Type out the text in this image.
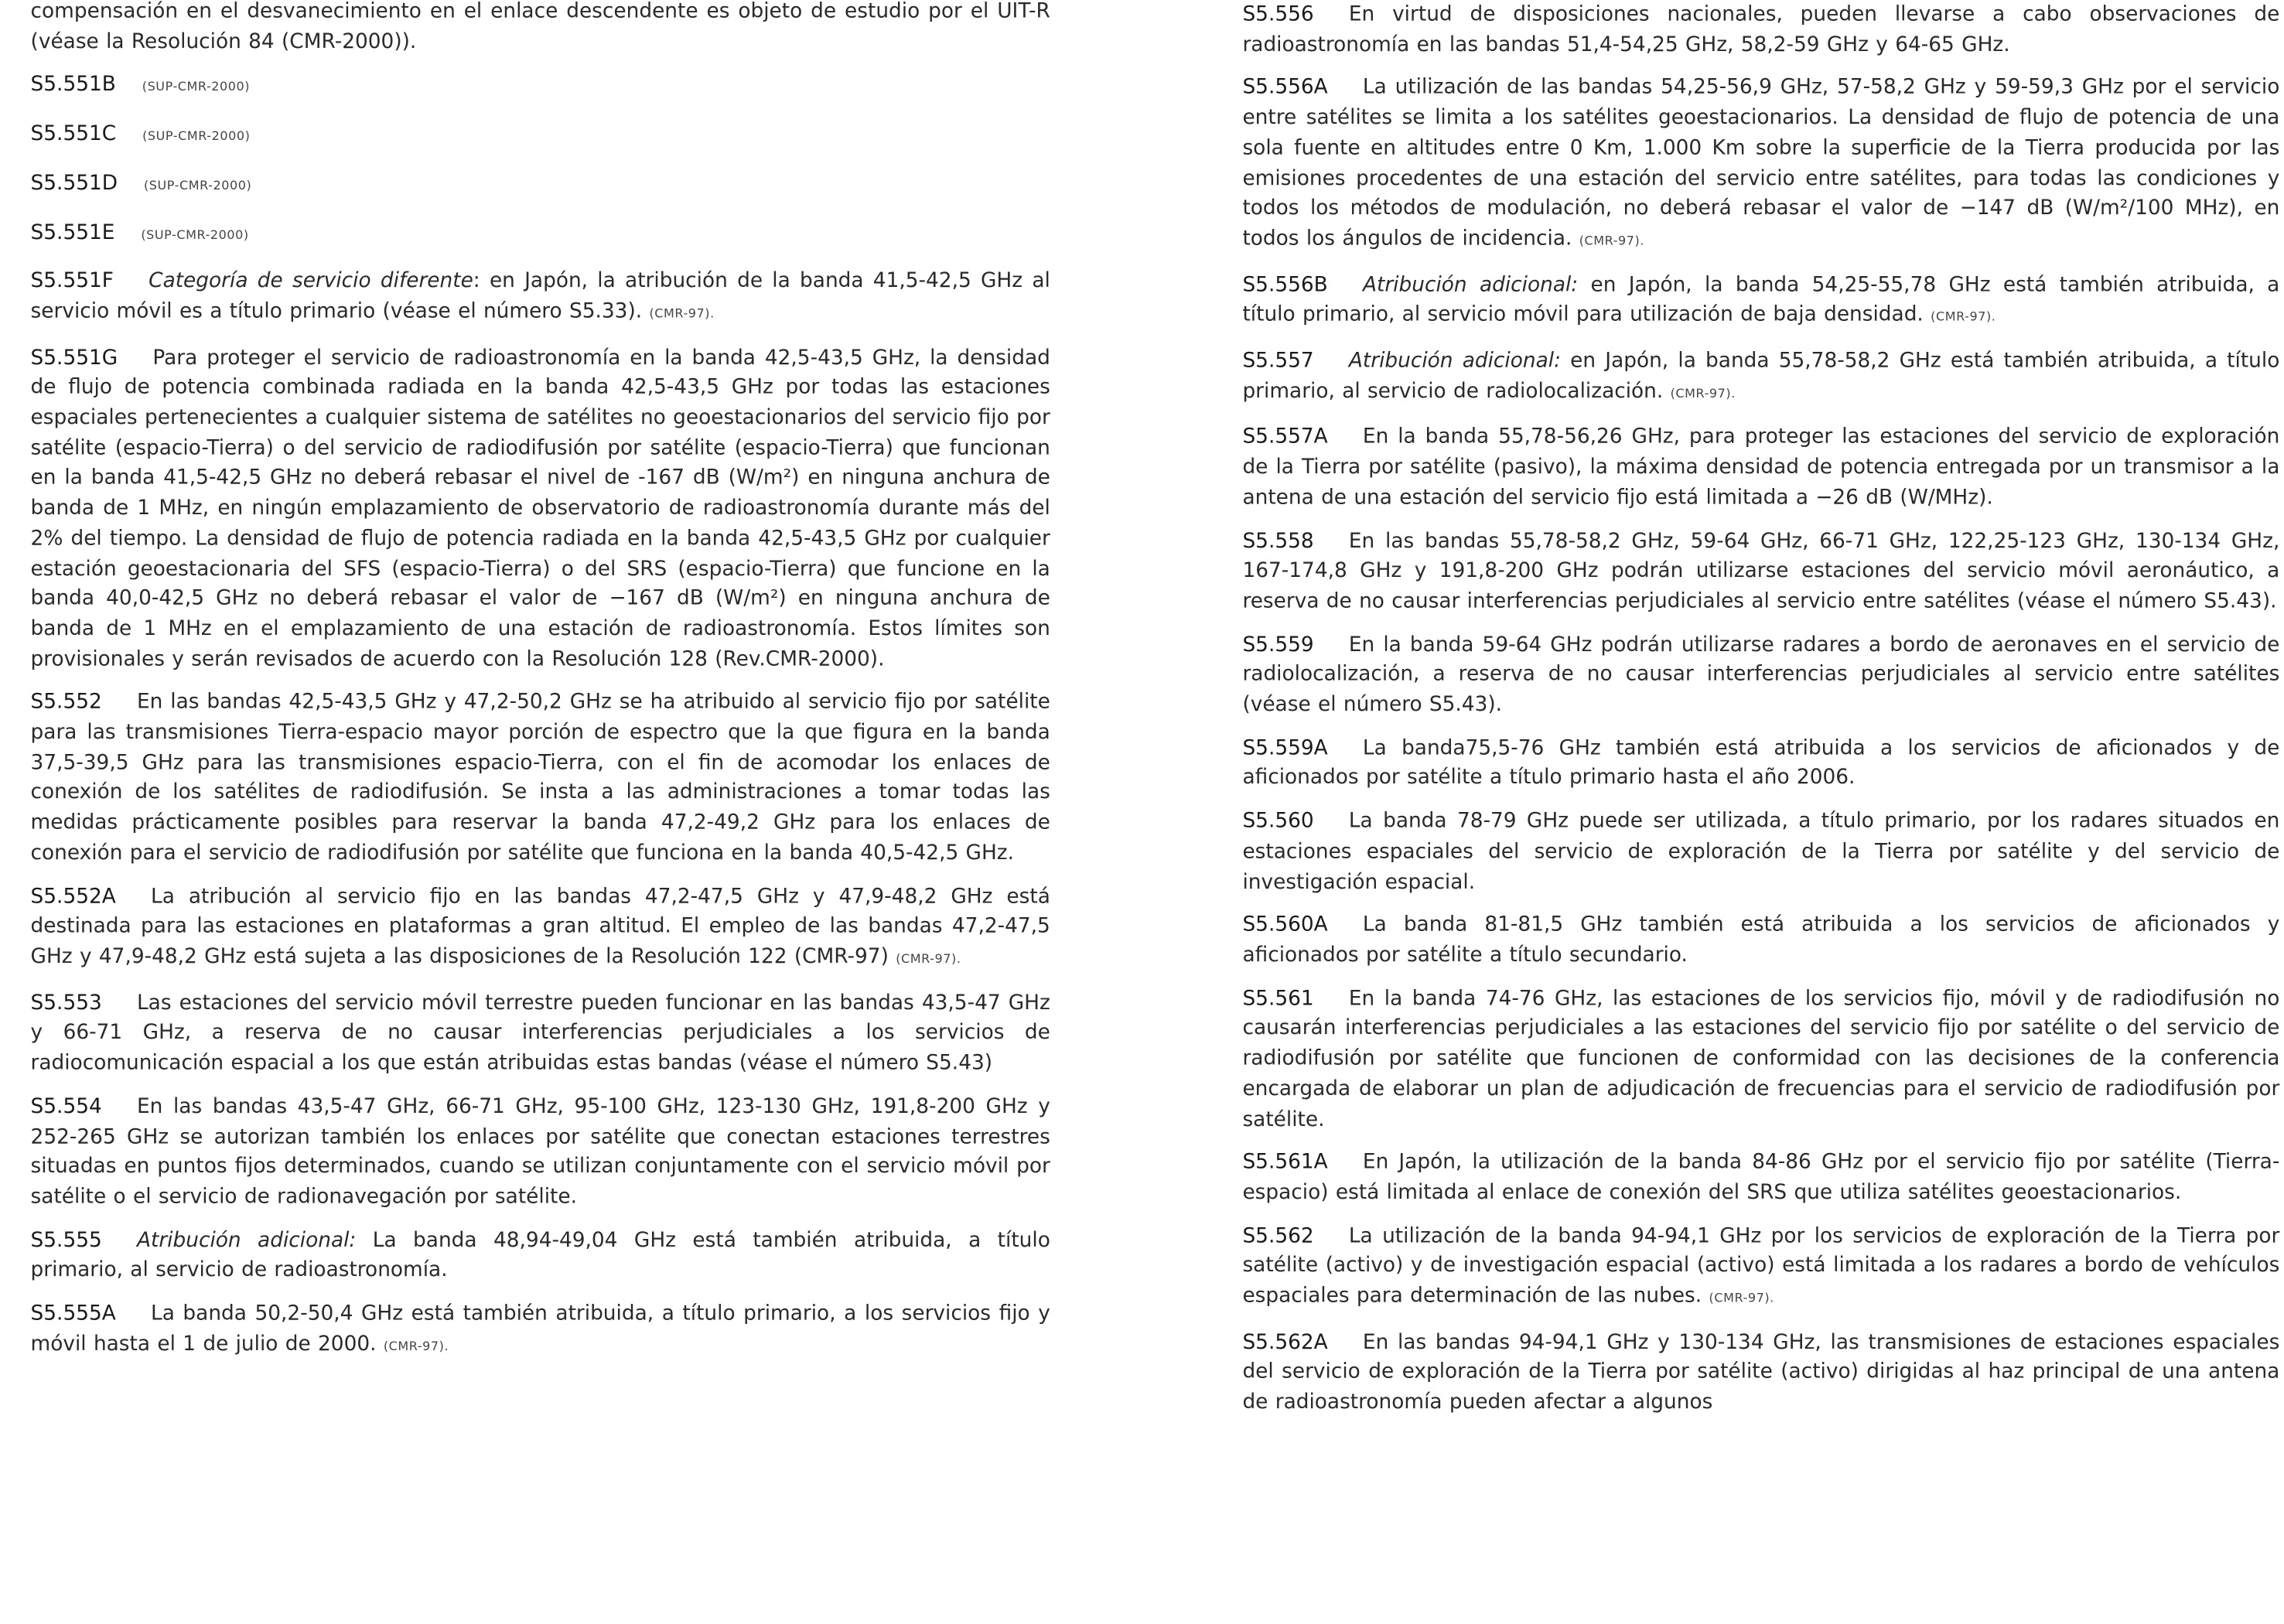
compensación en el desvanecimiento en el enlace descendente es objeto de estudio por el UIT-R (véase la Resolución 84 (CMR-2000)).

S5.551B	(SUP-CMR-2000)
S5.551C	(SUP-CMR-2000)
S5.551D	(SUP-CMR-2000)
S5.551E	(SUP-CMR-2000)

S5.551F	Categoría de servicio diferente: en Japón, la atribución de la banda 41,5-42,5 GHz al servicio móvil es a título primario (véase el número S5.33). (CMR-97).

S5.551G	Para proteger el servicio de radioastronomía en la banda 42,5-43,5 GHz, la densidad de flujo de potencia combinada radiada en la banda 42,5-43,5 GHz por todas las estaciones espaciales pertenecientes a cualquier sistema de satélites no geoestacionarios del servicio fijo por satélite (espacio-Tierra) o del servicio de radiodifusión por satélite (espacio-Tierra) que funcionan en la banda 41,5-42,5 GHz no deberá rebasar el nivel de -167 dB (W/m²) en ninguna anchura de banda de 1 MHz, en ningún emplazamiento de observatorio de radioastronomía durante más del 2% del tiempo. La densidad de flujo de potencia radiada en la banda 42,5-43,5 GHz por cualquier estación geoestacionaria del SFS (espacio-Tierra) o del SRS (espacio-Tierra) que funcione en la banda 40,0-42,5 GHz no deberá rebasar el valor de −167 dB (W/m²) en ninguna anchura de banda de 1 MHz en el emplazamiento de una estación de radioastronomía. Estos límites son provisionales y serán revisados de acuerdo con la Resolución 128 (Rev.CMR-2000).

S5.552	En las bandas 42,5-43,5 GHz y 47,2-50,2 GHz se ha atribuido al servicio fijo por satélite para las transmisiones Tierra-espacio mayor porción de espectro que la que figura en la banda 37,5-39,5 GHz para las transmisiones espacio-Tierra, con el fin de acomodar los enlaces de conexión de los satélites de radiodifusión. Se insta a las administraciones a tomar todas las medidas prácticamente posibles para reservar la banda 47,2-49,2 GHz para los enlaces de conexión para el servicio de radiodifusión por satélite que funciona en la banda 40,5-42,5 GHz.

S5.552A	La atribución al servicio fijo en las bandas 47,2-47,5 GHz y 47,9-48,2 GHz está destinada para las estaciones en plataformas a gran altitud. El empleo de las bandas 47,2-47,5 GHz y 47,9-48,2 GHz está sujeta a las disposiciones de la Resolución 122 (CMR-97) (CMR-97).

S5.553	Las estaciones del servicio móvil terrestre pueden funcionar en las bandas 43,5-47 GHz y 66-71 GHz, a reserva de no causar interferencias perjudiciales a los servicios de radiocomunicación espacial a los que están atribuidas estas bandas (véase el número S5.43)

S5.554	En las bandas 43,5-47 GHz, 66-71 GHz, 95-100 GHz, 123-130 GHz, 191,8-200 GHz y 252-265 GHz se autorizan también los enlaces por satélite que conectan estaciones terrestres situadas en puntos fijos determinados, cuando se utilizan conjuntamente con el servicio móvil por satélite o el servicio de radionavegación por satélite.

S5.555	Atribución adicional: La banda 48,94-49,04 GHz está también atribuida, a título primario, al servicio de radioastronomía.

S5.555A	La banda 50,2-50,4 GHz está también atribuida, a título primario, a los servicios fijo y móvil hasta el 1 de julio de 2000. (CMR-97).

S5.556	En virtud de disposiciones nacionales, pueden llevarse a cabo observaciones de radioastronomía en las bandas 51,4-54,25 GHz, 58,2-59 GHz y 64-65 GHz.

S5.556A	La utilización de las bandas 54,25-56,9 GHz, 57-58,2 GHz y 59-59,3 GHz por el servicio entre satélites se limita a los satélites geoestacionarios. La densidad de flujo de potencia de una sola fuente en altitudes entre 0 Km, 1.000 Km sobre la superficie de la Tierra producida por las emisiones procedentes de una estación del servicio entre satélites, para todas las condiciones y todos los métodos de modulación, no deberá rebasar el valor de −147 dB (W/m²/100 MHz), en todos los ángulos de incidencia. (CMR-97).

S5.556B	Atribución adicional: en Japón, la banda 54,25-55,78 GHz está también atribuida, a título primario, al servicio móvil para utilización de baja densidad. (CMR-97).

S5.557	Atribución adicional: en Japón, la banda 55,78-58,2 GHz está también atribuida, a título primario, al servicio de radiolocalización. (CMR-97).

S5.557A	En la banda 55,78-56,26 GHz, para proteger las estaciones del servicio de exploración de la Tierra por satélite (pasivo), la máxima densidad de potencia entregada por un transmisor a la antena de una estación del servicio fijo está limitada a −26 dB (W/MHz).

S5.558	En las bandas 55,78-58,2 GHz, 59-64 GHz, 66-71 GHz, 122,25-123 GHz, 130-134 GHz, 167-174,8 GHz y 191,8-200 GHz podrán utilizarse estaciones del servicio móvil aeronáutico, a reserva de no causar interferencias perjudiciales al servicio entre satélites (véase el número S5.43).

S5.559	En la banda 59-64 GHz podrán utilizarse radares a bordo de aeronaves en el servicio de radiolocalización, a reserva de no causar interferencias perjudiciales al servicio entre satélites (véase el número S5.43).

S5.559A	La banda75,5-76 GHz también está atribuida a los servicios de aficionados y de aficionados por satélite a título primario hasta el año 2006.

S5.560	La banda 78-79 GHz puede ser utilizada, a título primario, por los radares situados en estaciones espaciales del servicio de exploración de la Tierra por satélite y del servicio de investigación espacial.

S5.560A	La banda 81-81,5 GHz también está atribuida a los servicios de aficionados y aficionados por satélite a título secundario.

S5.561	En la banda 74-76 GHz, las estaciones de los servicios fijo, móvil y de radiodifusión no causarán interferencias perjudiciales a las estaciones del servicio fijo por satélite o del servicio de radiodifusión por satélite que funcionen de conformidad con las decisiones de la conferencia encargada de elaborar un plan de adjudicación de frecuencias para el servicio de radiodifusión por satélite.

S5.561A	En Japón, la utilización de la banda 84-86 GHz por el servicio fijo por satélite (Tierra-espacio) está limitada al enlace de conexión del SRS que utiliza satélites geoestacionarios.

S5.562	La utilización de la banda 94-94,1 GHz por los servicios de exploración de la Tierra por satélite (activo) y de investigación espacial (activo) está limitada a los radares a bordo de vehículos espaciales para determinación de las nubes. (CMR-97).

S5.562A	En las bandas 94-94,1 GHz y 130-134 GHz, las transmisiones de estaciones espaciales del servicio de exploración de la Tierra por satélite (activo) dirigidas al haz principal de una antena de radioastronomía pueden afectar a algunos
